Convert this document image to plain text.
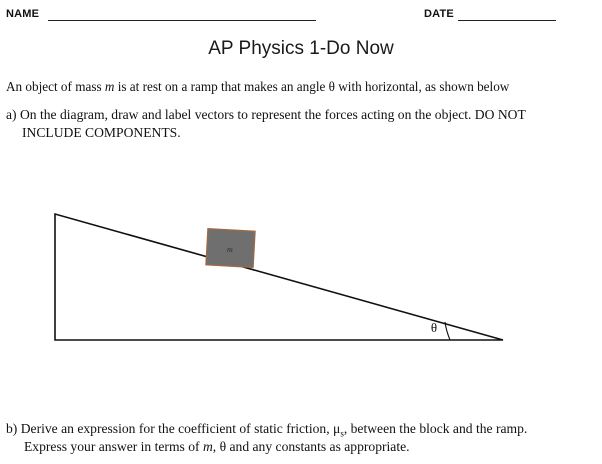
NAME	DATE
AP Physics 1-Do Now
An object of mass m is at rest on a ramp that makes an angle θ with horizontal, as shown below
a) On the diagram, draw and label vectors to represent the forces acting on the object. DO NOT
INCLUDE COMPONENTS.
m
θ
b) Derive an expression for the coefficient of static friction, $\mu_s$, between the block and the ramp.
Express your answer in terms of m, θ and any constants as appropriate.
